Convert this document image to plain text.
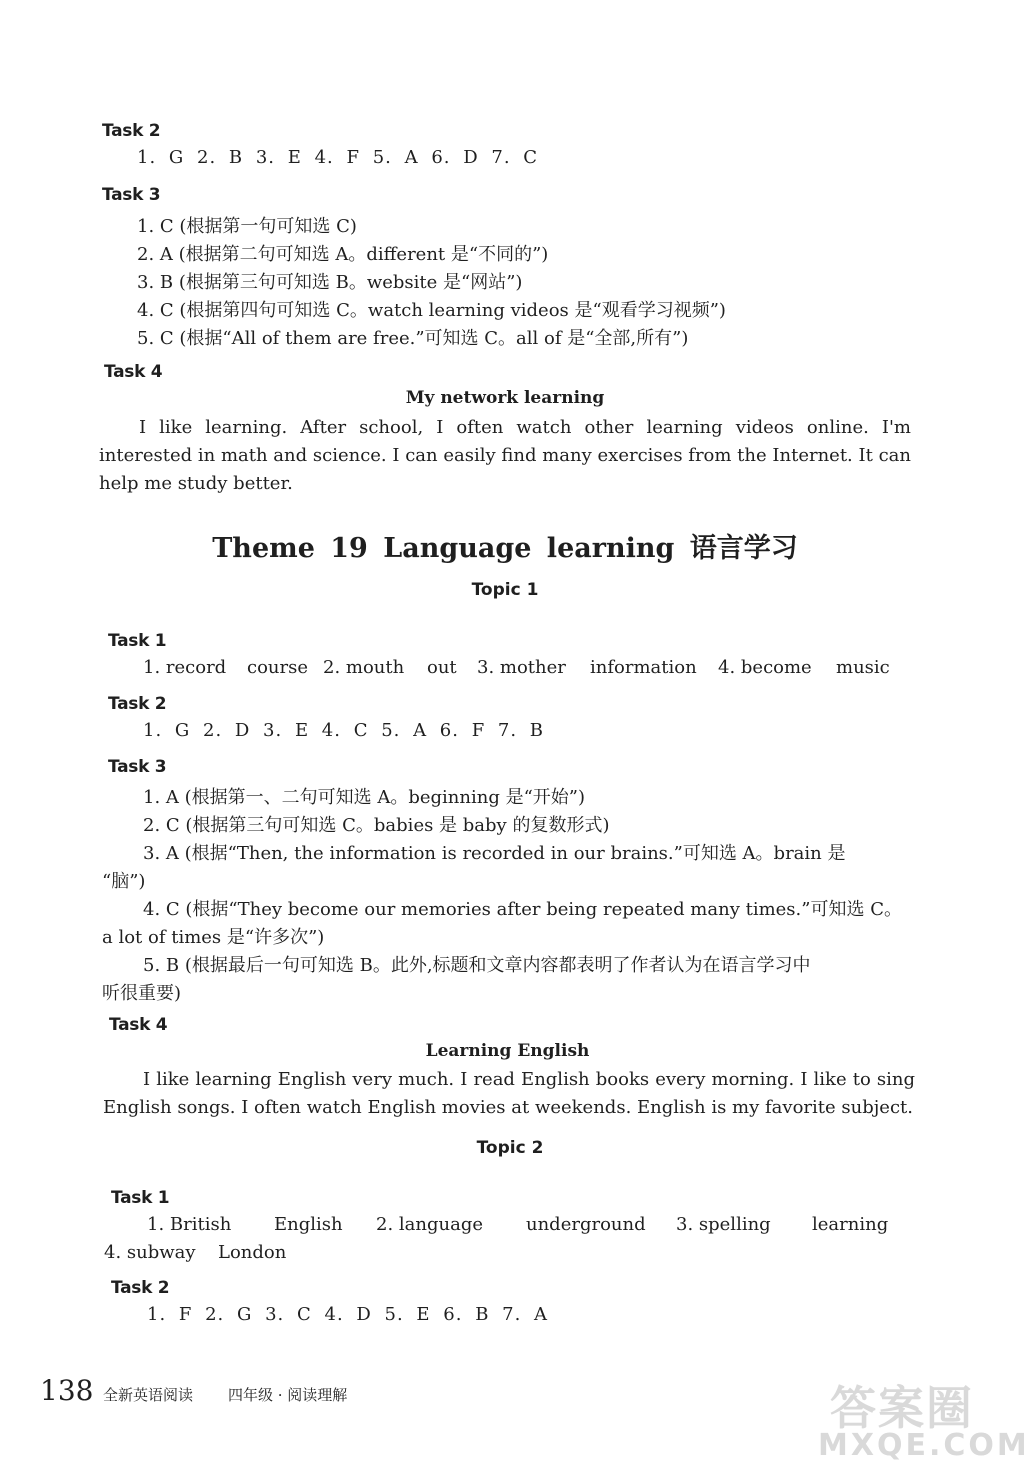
Task 2
1. G 2. B 3. E 4. F 5. A 6. D 7. C
Task 3
1. C (根据第一句可知选 C)
2. A (根据第二句可知选 A。different 是“不同的”)
3. B (根据第三句可知选 B。website 是“网站”)
4. C (根据第四句可知选 C。watch learning videos 是“观看学习视频”)
5. C (根据“All of them are free.”可知选 C。all of 是“全部,所有”)
Task 4
My network learning
I like learning. After school, I often watch other learning videos online. I'm interested in math and science. I can easily find many exercises from the Internet. It can help me study better.
Theme 19 Language learning 语言学习
Topic 1
Task 1
1. record	course 2. mouth	out	3. mother	information	4. become	music
Task 2
1. G 2. D 3. E 4. C 5. A 6. F 7. B
Task 3
1. A (根据第一、二句可知选 A。beginning 是“开始”)
2. C (根据第三句可知选 C。babies 是 baby 的复数形式)
3. A (根据“Then, the information is recorded in our brains.”可知选 A。brain 是
“脑”)
4. C (根据“They become our memories after being repeated many times.”可知选 C。
a lot of times 是“许多次”)
5. B (根据最后一句可知选 B。此外,标题和文章内容都表明了作者认为在语言学习中
听很重要)
Task 4
Learning English
I like learning English very much. I read English books every morning. I like to sing English songs. I often watch English movies at weekends. English is my favorite subject.
Topic 2
Task 1
1. British	English	2. language	underground	3. spelling	learning
4. subway	London
Task 2
1. F 2. G 3. C 4. D 5. E 6. B 7. A
138 全新英语阅读 四年级 · 阅读理解	答案圈
MXQE.COM
